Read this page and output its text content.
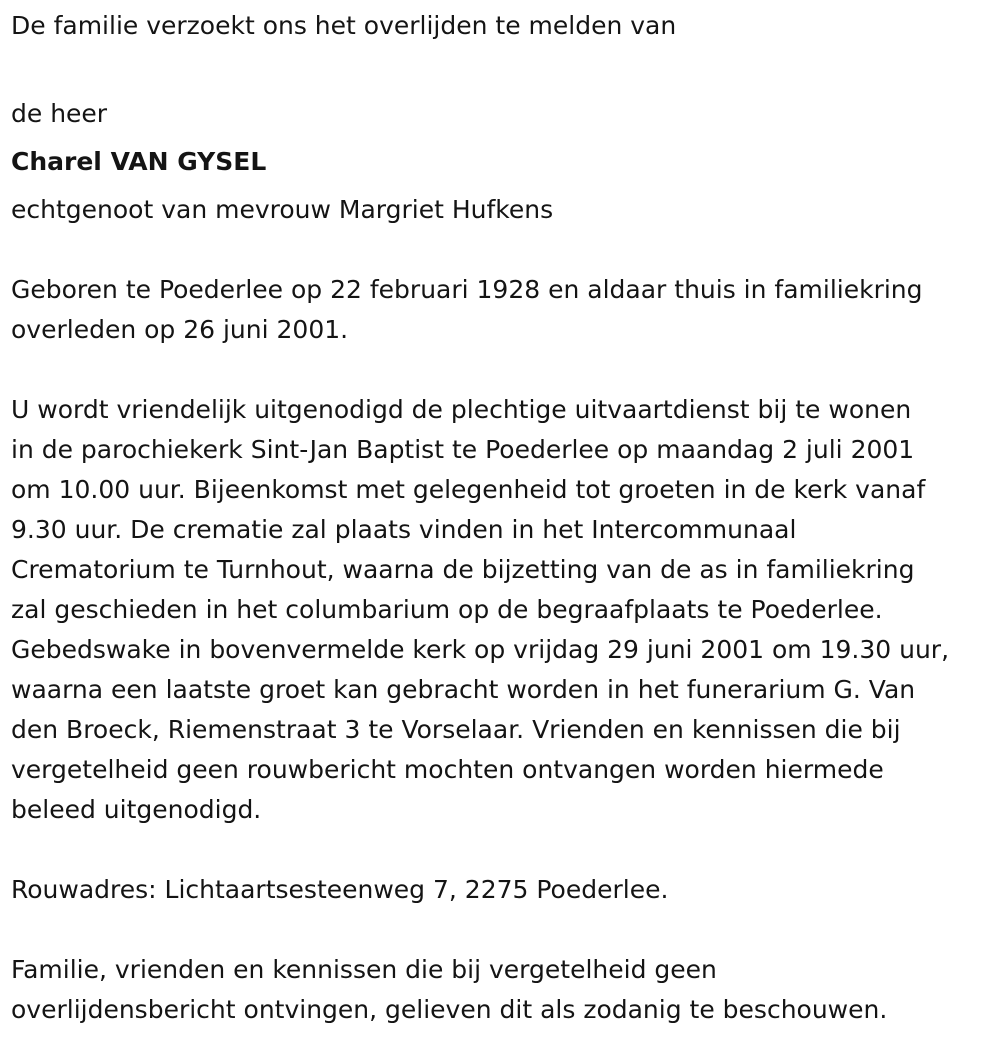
De familie verzoekt ons het overlijden te melden van

de heer

Charel VAN GYSEL

echtgenoot van mevrouw Margriet Hufkens

Geboren te Poederlee op 22 februari 1928 en aldaar thuis in familiekring

overleden op 26 juni 2001.

U wordt vriendelijk uitgenodigd de plechtige uitvaartdienst bij te wonen

in de parochiekerk Sint-Jan Baptist te Poederlee op maandag 2 juli 2001

om 10.00 uur. Bijeenkomst met gelegenheid tot groeten in de kerk vanaf

9.30 uur. De crematie zal plaats vinden in het Intercommunaal

Crematorium te Turnhout, waarna de bijzetting van de as in familiekring

zal geschieden in het columbarium op de begraafplaats te Poederlee.

Gebedswake in bovenvermelde kerk op vrijdag 29 juni 2001 om 19.30 uur,

waarna een laatste groet kan gebracht worden in het funerarium G. Van

den Broeck, Riemenstraat 3 te Vorselaar. Vrienden en kennissen die bij

vergetelheid geen rouwbericht mochten ontvangen worden hiermede

beleed uitgenodigd.

Rouwadres: Lichtaartsesteenweg 7, 2275 Poederlee.

Familie, vrienden en kennissen die bij vergetelheid geen

overlijdensbericht ontvingen, gelieven dit als zodanig te beschouwen.
